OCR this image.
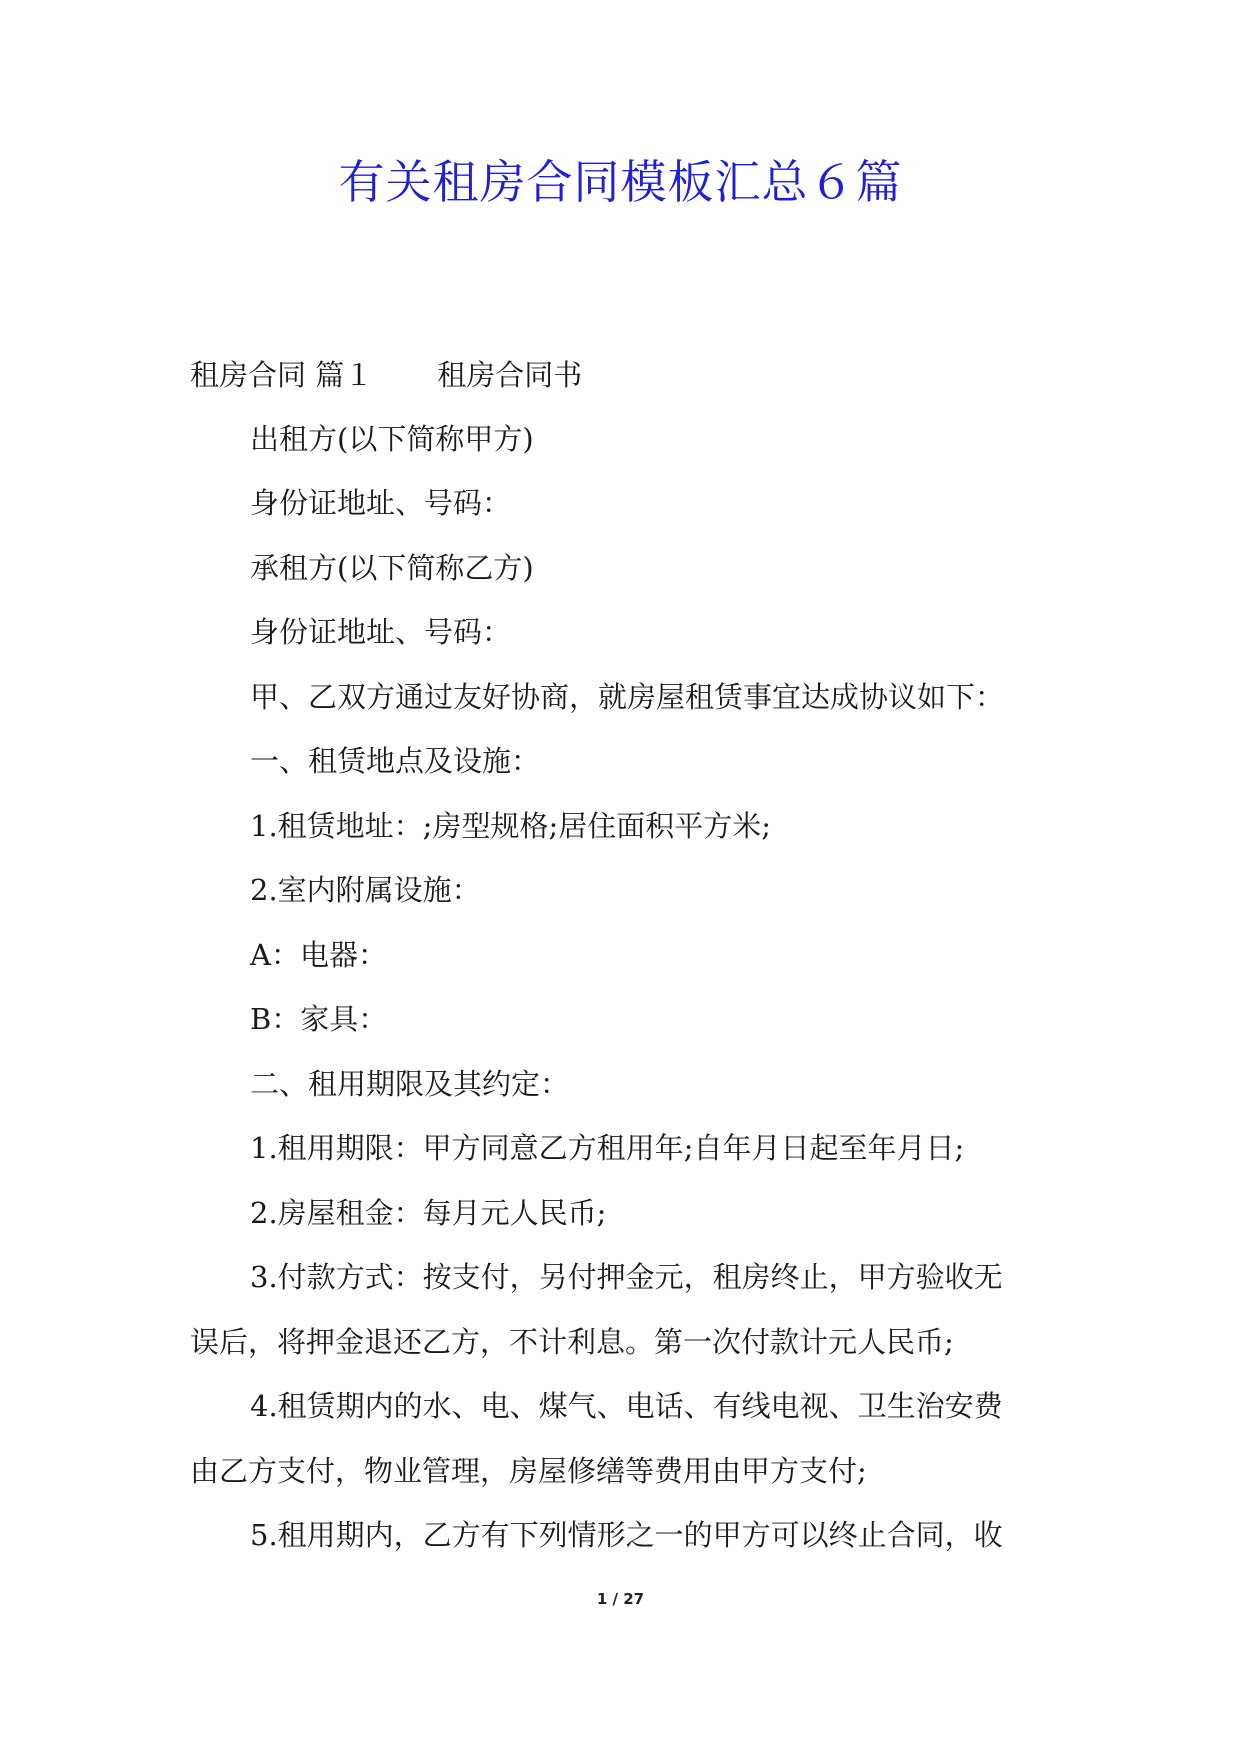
有关租房合同模板汇总６篇
租房合同 篇１ 租房合同书
出租方(以下简称甲方)
身份证地址、号码：
承租方(以下简称乙方)
身份证地址、号码：
甲、乙双方通过友好协商，就房屋租赁事宜达成协议如下：
一、租赁地点及设施：
1.租赁地址：;房型规格;居住面积平方米;
2.室内附属设施：
A：电器：
B：家具：
二、租用期限及其约定：
1.租用期限：甲方同意乙方租用年;自年月日起至年月日;
2.房屋租金：每月元人民币;
3.付款方式：按支付，另付押金元，租房终止，甲方验收无
误后，将押金退还乙方，不计利息。第一次付款计元人民币;
4.租赁期内的水、电、煤气、电话、有线电视、卫生治安费
由乙方支付，物业管理，房屋修缮等费用由甲方支付;
5.租用期内，乙方有下列情形之一的甲方可以终止合同，收
1 / 27
